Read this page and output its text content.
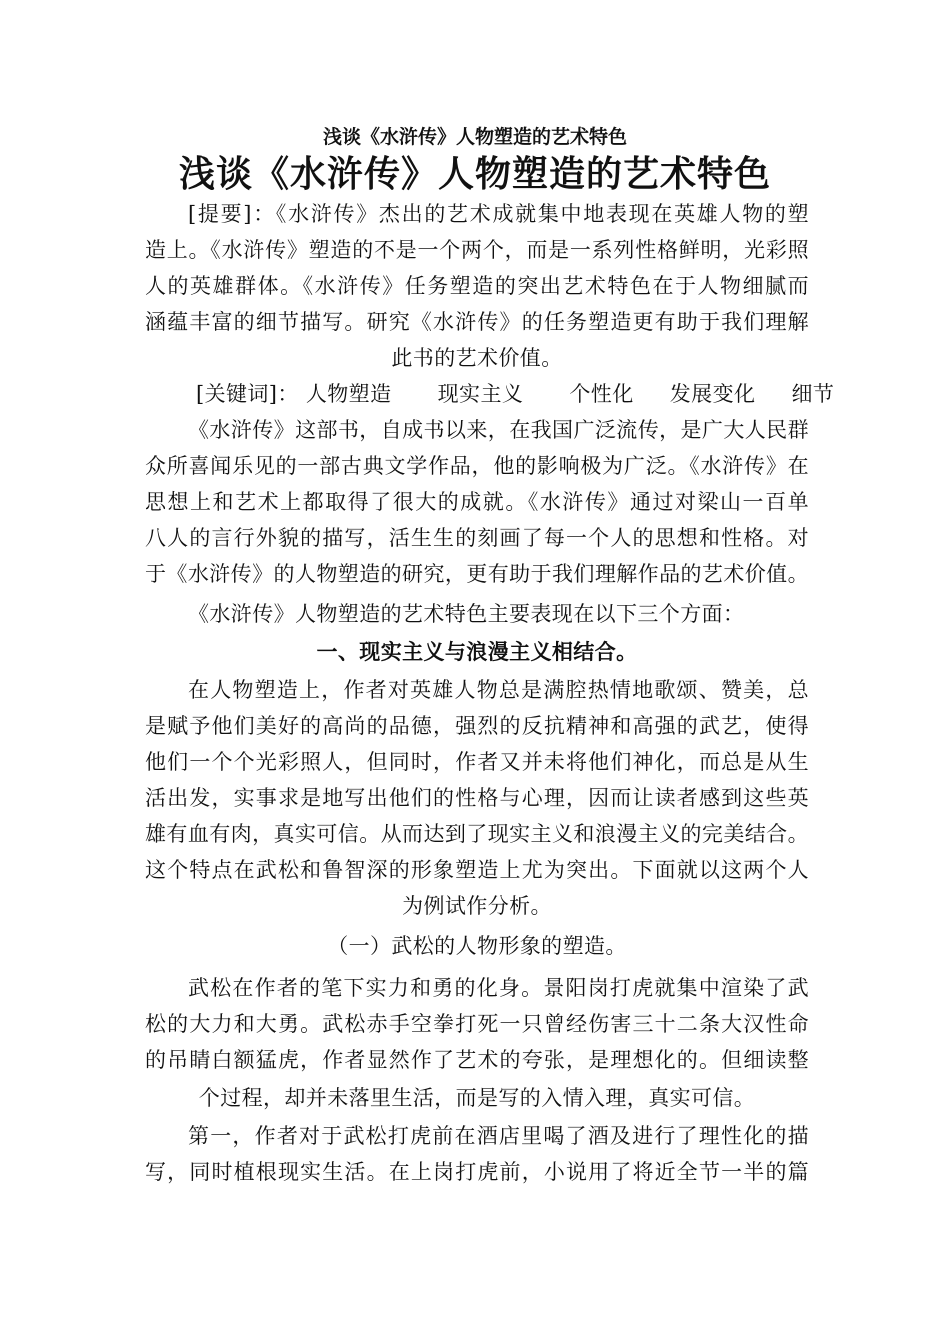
浅谈《水浒传》人物塑造的艺术特色
浅谈《水浒传》人物塑造的艺术特色
[提要]：《水浒传》杰出的艺术成就集中地表现在英雄人物的塑
造上。《水浒传》塑造的不是一个两个，而是一系列性格鲜明，光彩照
人的英雄群体。《水浒传》任务塑造的突出艺术特色在于人物细腻而
涵蕴丰富的细节描写。研究《水浒传》的任务塑造更有助于我们理解
此书的艺术价值。
[关键词]： 人物塑造 现实主义 个性化 发展变化 细节
《水浒传》这部书，自成书以来，在我国广泛流传，是广大人民群
众所喜闻乐见的一部古典文学作品，他的影响极为广泛。《水浒传》在
思想上和艺术上都取得了很大的成就。《水浒传》通过对梁山一百单
八人的言行外貌的描写，活生生的刻画了每一个人的思想和性格。对
于《水浒传》的人物塑造的研究，更有助于我们理解作品的艺术价值。
《水浒传》人物塑造的艺术特色主要表现在以下三个方面：
一、现实主义与浪漫主义相结合。
在人物塑造上，作者对英雄人物总是满腔热情地歌颂、赞美，总
是赋予他们美好的高尚的品德，强烈的反抗精神和高强的武艺，使得
他们一个个光彩照人，但同时，作者又并未将他们神化，而总是从生
活出发，实事求是地写出他们的性格与心理，因而让读者感到这些英
雄有血有肉，真实可信。从而达到了现实主义和浪漫主义的完美结合。
这个特点在武松和鲁智深的形象塑造上尤为突出。下面就以这两个人
为例试作分析。
（一）武松的人物形象的塑造。
武松在作者的笔下实力和勇的化身。景阳岗打虎就集中渲染了武
松的大力和大勇。武松赤手空拳打死一只曾经伤害三十二条大汉性命
的吊睛白额猛虎，作者显然作了艺术的夸张，是理想化的。但细读整
个过程，却并未落里生活，而是写的入情入理，真实可信。
第一，作者对于武松打虎前在酒店里喝了酒及进行了理性化的描
写，同时植根现实生活。在上岗打虎前，小说用了将近全节一半的篇
